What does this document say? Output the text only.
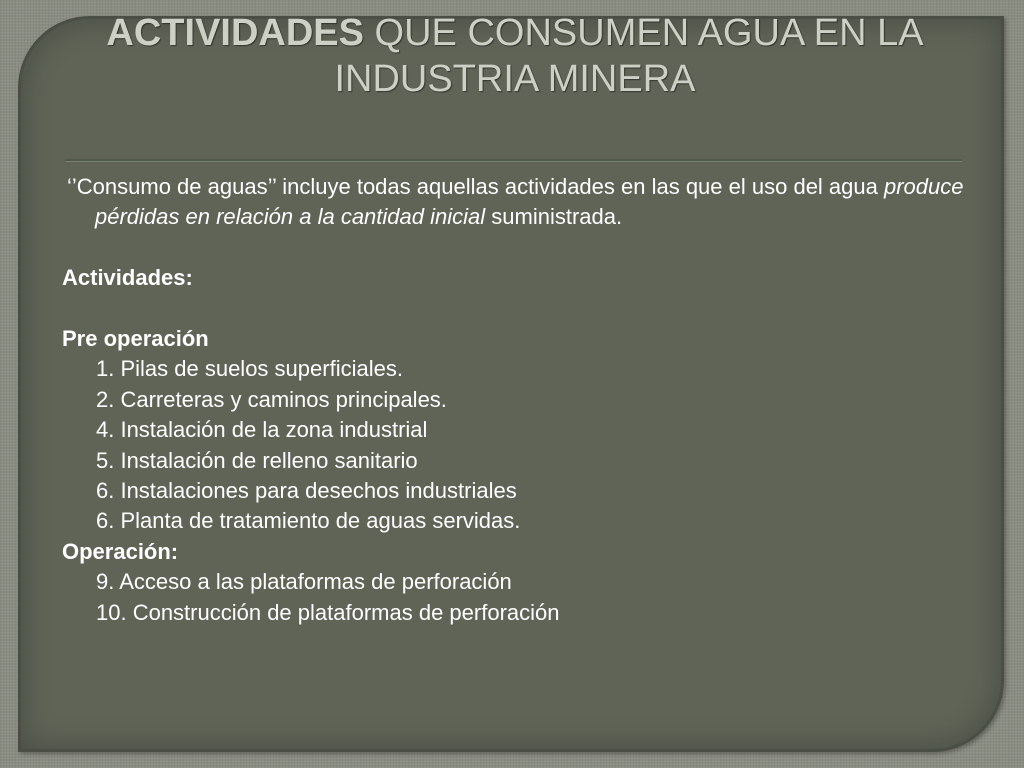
ACTIVIDADES QUE CONSUMEN AGUA EN LA
INDUSTRIA MINERA

‘’Consumo de aguas’’ incluye todas aquellas actividades en las que el uso del agua produce pérdidas en relación a la cantidad inicial suministrada.

Actividades:

Pre operación

1. Pilas de suelos superficiales.

2. Carreteras y caminos principales.

4. Instalación de la zona industrial

5. Instalación de relleno sanitario

6. Instalaciones para desechos industriales

6. Planta de tratamiento de aguas servidas.

Operación:

9. Acceso a las plataformas de perforación

10. Construcción de plataformas de perforación
